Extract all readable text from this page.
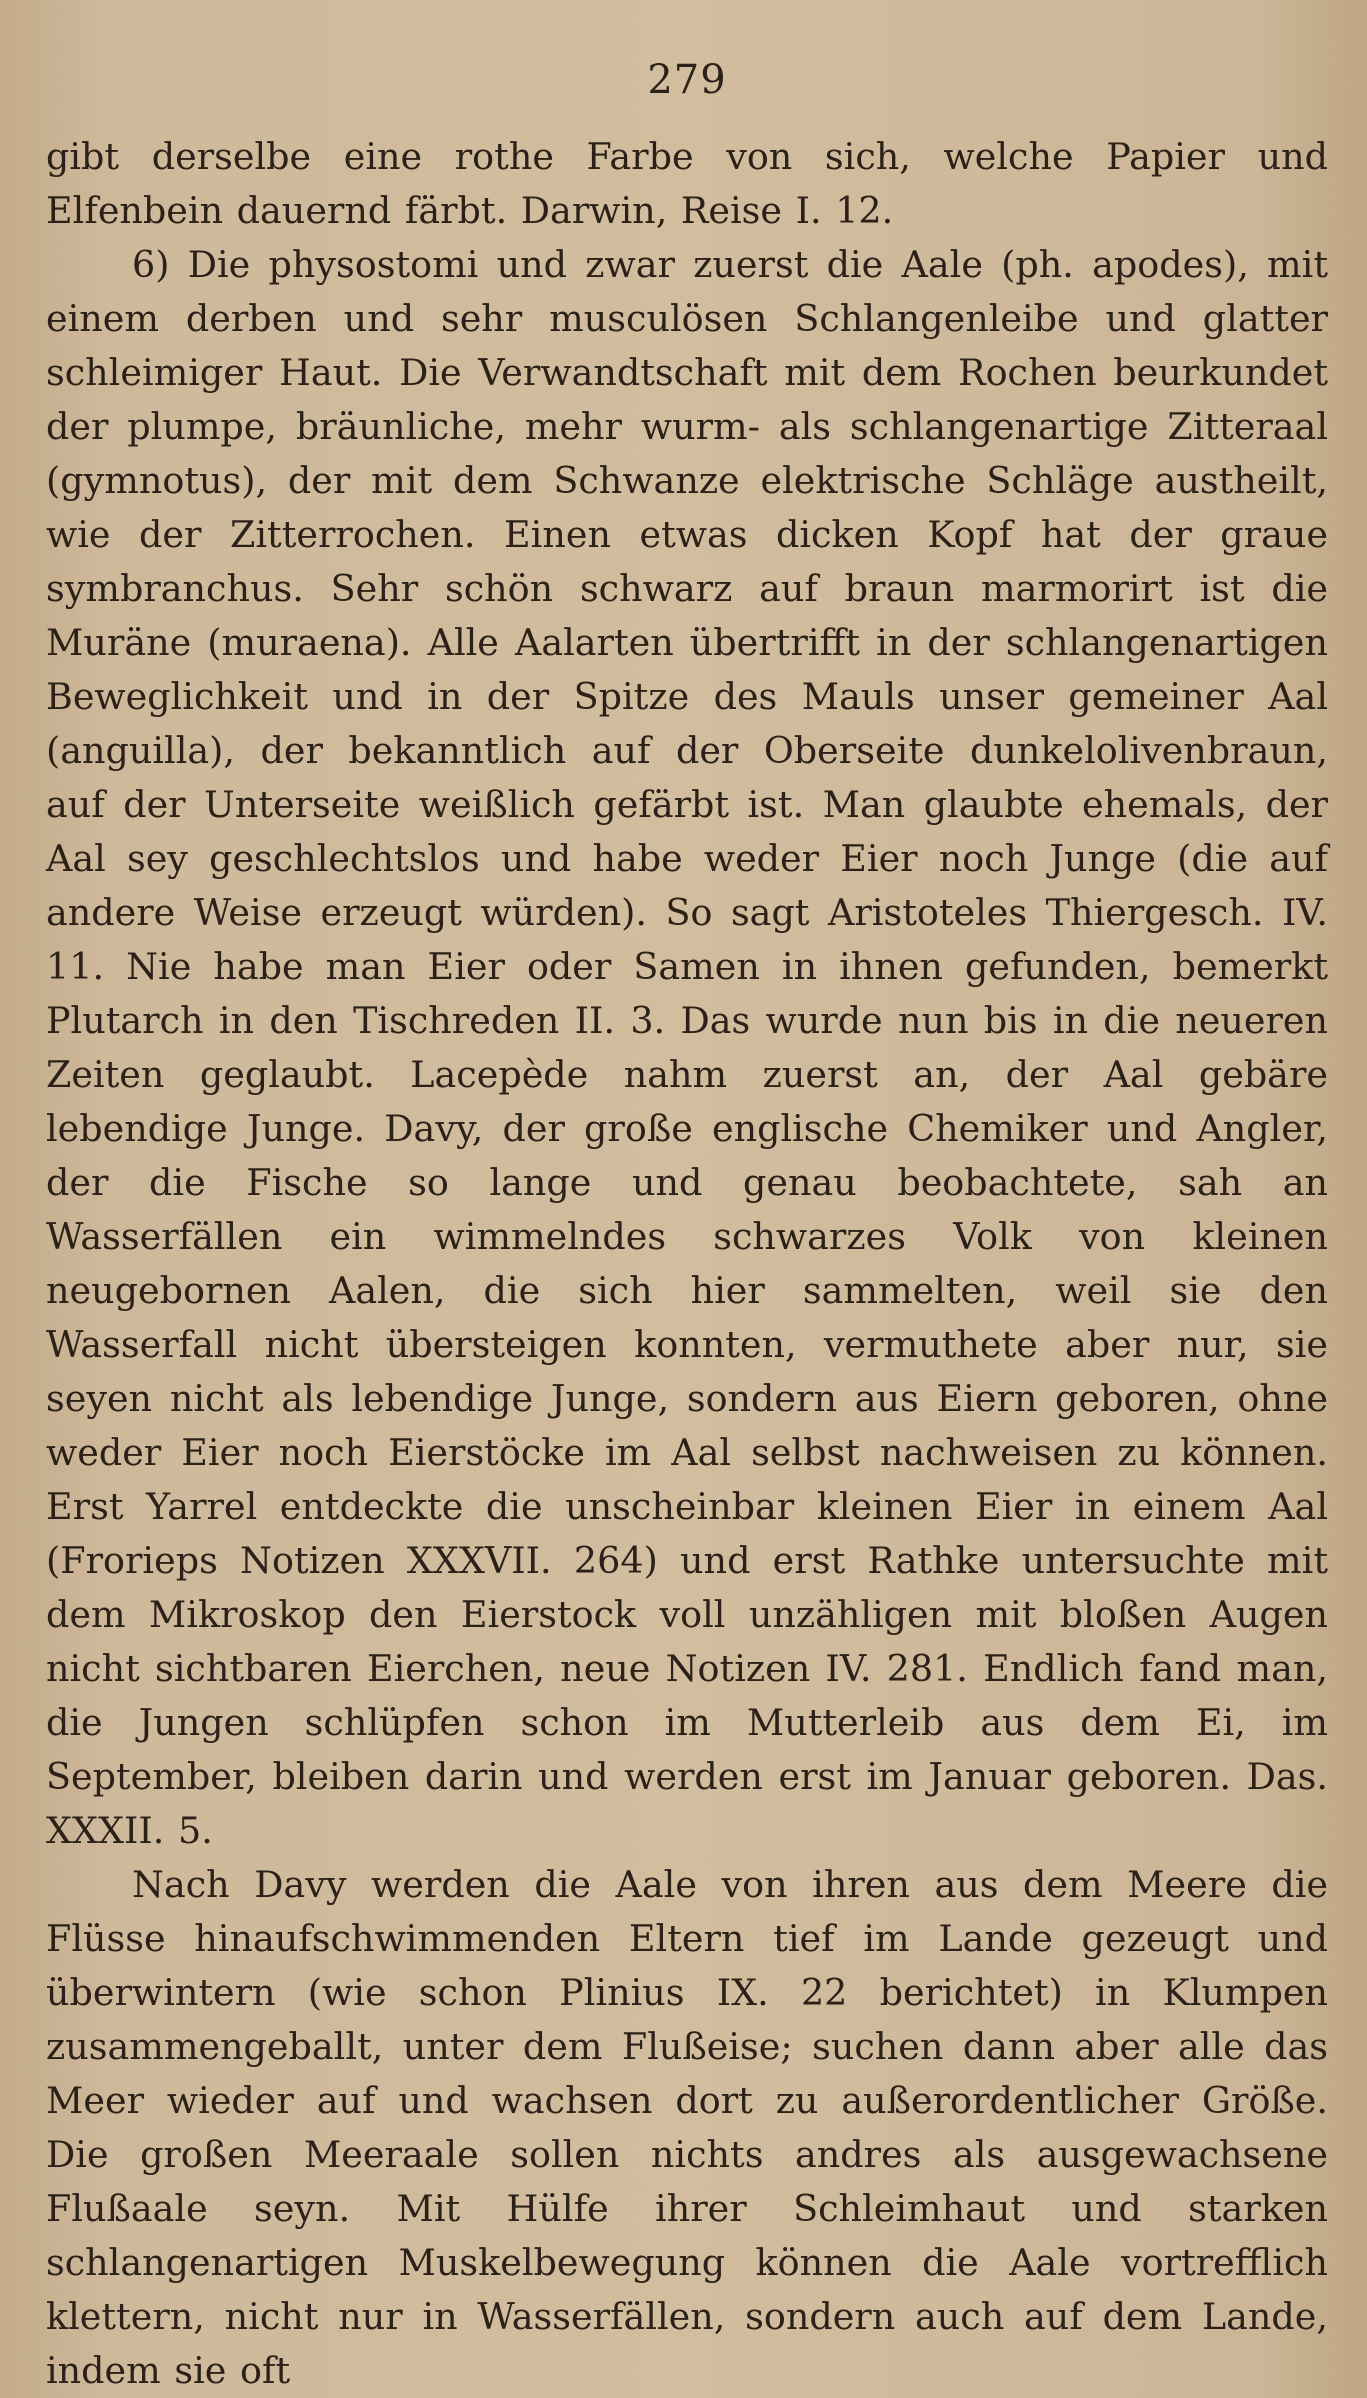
279

gibt derselbe eine rothe Farbe von sich, welche Papier und Elfenbein dauernd färbt. Darwin, Reise I. 12.

6) Die physostomi und zwar zuerst die Aale (ph. apodes), mit einem derben und sehr musculösen Schlangenleibe und glatter schleimiger Haut. Die Verwandtschaft mit dem Rochen beurkundet der plumpe, bräunliche, mehr wurm- als schlangenartige Zitteraal (gymnotus), der mit dem Schwanze elektrische Schläge austheilt, wie der Zitterrochen. Einen etwas dicken Kopf hat der graue symbranchus. Sehr schön schwarz auf braun marmorirt ist die Muräne (muraena). Alle Aalarten übertrifft in der schlangenartigen Beweglichkeit und in der Spitze des Mauls unser gemeiner Aal (anguilla), der bekanntlich auf der Oberseite dunkelolivenbraun, auf der Unterseite weißlich gefärbt ist. Man glaubte ehemals, der Aal sey geschlechtslos und habe weder Eier noch Junge (die auf andere Weise erzeugt würden). So sagt Aristoteles Thiergesch. IV. 11. Nie habe man Eier oder Samen in ihnen gefunden, bemerkt Plutarch in den Tischreden II. 3. Das wurde nun bis in die neueren Zeiten geglaubt. Lacepède nahm zuerst an, der Aal gebäre lebendige Junge. Davy, der große englische Chemiker und Angler, der die Fische so lange und genau beobachtete, sah an Wasserfällen ein wimmelndes schwarzes Volk von kleinen neugebornen Aalen, die sich hier sammelten, weil sie den Wasserfall nicht übersteigen konnten, vermuthete aber nur, sie seyen nicht als lebendige Junge, sondern aus Eiern geboren, ohne weder Eier noch Eierstöcke im Aal selbst nachweisen zu können. Erst Yarrel entdeckte die unscheinbar kleinen Eier in einem Aal (Frorieps Notizen XXXVII. 264) und erst Rathke untersuchte mit dem Mikroskop den Eierstock voll unzähligen mit bloßen Augen nicht sichtbaren Eierchen, neue Notizen IV. 281. Endlich fand man, die Jungen schlüpfen schon im Mutterleib aus dem Ei, im September, bleiben darin und werden erst im Januar geboren. Das. XXXII. 5.

Nach Davy werden die Aale von ihren aus dem Meere die Flüsse hinaufschwimmenden Eltern tief im Lande gezeugt und überwintern (wie schon Plinius IX. 22 berichtet) in Klumpen zusammengeballt, unter dem Flußeise; suchen dann aber alle das Meer wieder auf und wachsen dort zu außerordentlicher Größe. Die großen Meeraale sollen nichts andres als ausgewachsene Flußaale seyn. Mit Hülfe ihrer Schleimhaut und starken schlangenartigen Muskelbewegung können die Aale vortrefflich klettern, nicht nur in Wasserfällen, sondern auch auf dem Lande, indem sie oft
